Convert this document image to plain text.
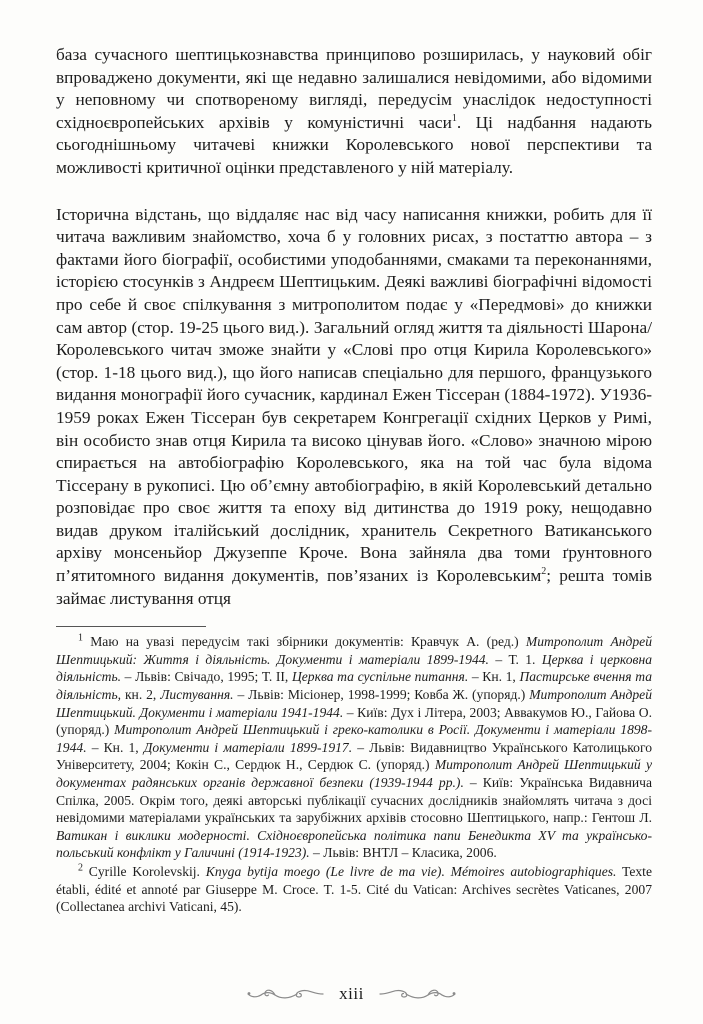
база сучасного шептицькознавства принципово розширилась, у науковий обіг впроваджено документи, які ще недавно залишалися невідомими, або відомими у неповному чи спотвореному вигляді, передусім унаслідок недоступності східноєвропейських архівів у комуністичні часи$^1$. Ці надбання надають сьогоднішньому читачеві книжки Королевського нової перспективи та можливості критичної оцінки представленого у ній матеріалу.

Історична відстань, що віддаляє нас від часу написання книжки, робить для її читача важливим знайомство, хоча б у головних рисах, з постаттю автора – з фактами його біографії, особистими уподобаннями, смаками та переконаннями, історією стосунків з Андреєм Шептицьким. Деякі важливі біографічні відомості про себе й своє спілкування з митрополитом подає у «Передмові» до книжки сам автор (стор. 19-25 цього вид.). Загальний огляд життя та діяльності Шарона/Королевського читач зможе знайти у «Слові про отця Кирила Королевського» (стор. 1-18 цього вид.), що його написав спеціально для першого, французького видання монографії його сучасник, кардинал Ежен Тіссеран (1884-1972). У1936-1959 роках Ежен Тіссеран був секретарем Конгрегації східних Церков у Римі, він особисто знав отця Кирила та високо цінував його. «Слово» значною мірою спирається на автобіографію Королевського, яка на той час була відома Тіссерану в рукописі. Цю об’ємну автобіографію, в якій Королевський детально розповідає про своє життя та епоху від дитинства до 1919 року, нещодавно видав друком італійський дослідник, хранитель Секретного Ватиканського архіву монсеньйор Джузеппе Кроче. Вона зайняла два томи ґрунтовного п’ятитомного видання документів, пов’язаних із Королевським$^2$; решта томів займає листування отця

$^1$ Маю на увазі передусім такі збірники документів: Кравчук А. (ред.) Митрополит Андрей Шептицький: Життя і діяльність. Документи і матеріали 1899-1944. – Т. 1. Церква і церковна діяльність. – Львів: Свічадо, 1995; Т. ІІ, Церква та суспільне питання. – Кн. 1, Пастирське вчення та діяльність, кн. 2, Листування. – Львів: Місіонер, 1998-1999; Ковба Ж. (упоряд.) Митрополит Андрей Шептицький. Документи і матеріали 1941-1944. – Київ: Дух і Літера, 2003; Аввакумов Ю., Гайова О. (упоряд.) Митрополит Андрей Шептицький і греко-католики в Росії. Документи і матеріали 1898-1944. – Кн. 1, Документи і матеріали 1899-1917. – Львів: Видавництво Українського Католицького Університету, 2004; Кокін С., Сердюк Н., Сердюк С. (упоряд.) Митрополит Андрей Шептицький у документах радянських органів державної безпеки (1939-1944 рр.). – Київ: Українська Видавнича Спілка, 2005. Окрім того, деякі авторські публікації сучасних дослідників знайомлять читача з досі невідомими матеріалами українських та зарубіжних архівів стосовно Шептицького, напр.: Гентош Л. Ватикан і виклики модерності. Східноєвропейська політика папи Бенедикта XV та українсько-польський конфлікт у Галичині (1914-1923). – Львів: ВНТЛ – Класика, 2006.

$^2$ Cyrille Korolevskij. Knyga bytija moego (Le livre de ma vie). Mémoires autobiographiques. Texte établi, édité et annoté par Giuseppe M. Croce. T. 1-5. Cité du Vatican: Archives secrètes Vaticanes, 2007 (Collectanea archivi Vaticani, 45).

xiii
